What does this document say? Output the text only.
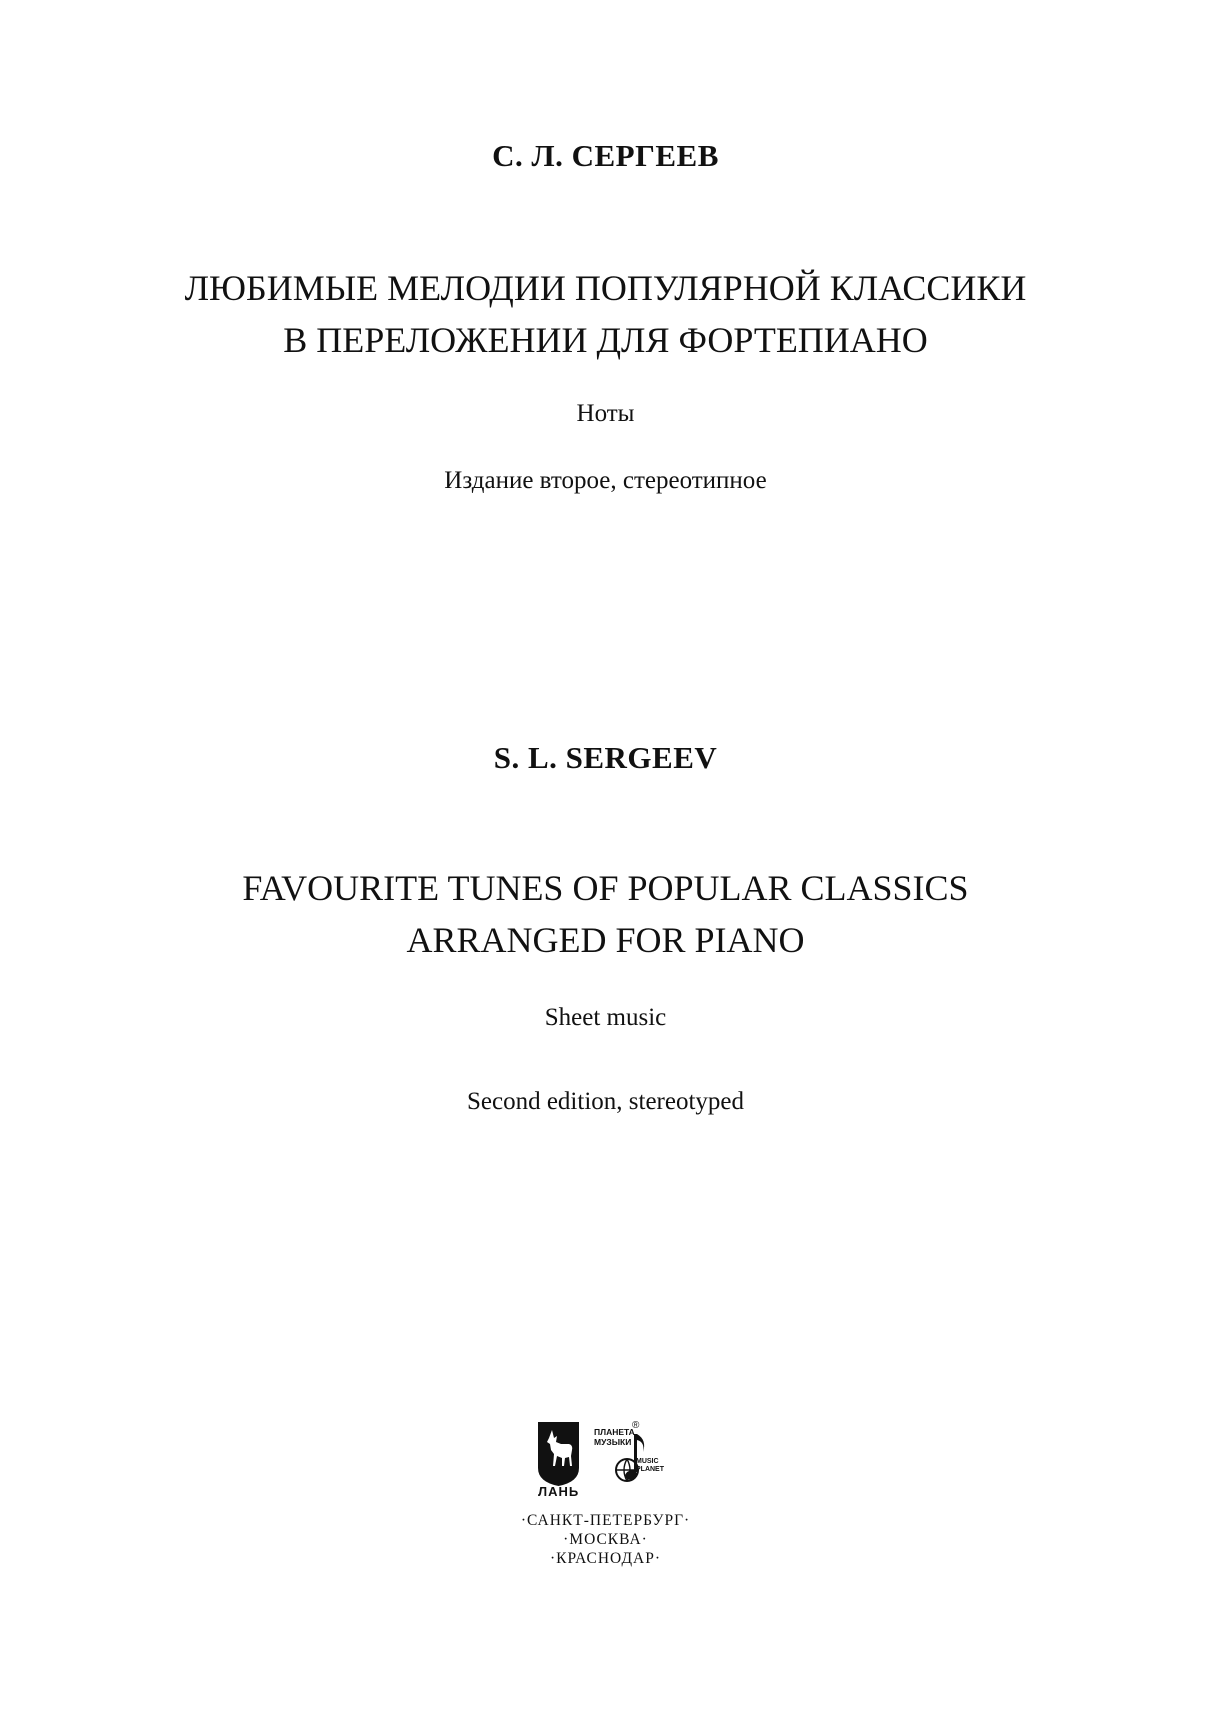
С. Л. СЕРГЕЕВ
ЛЮБИМЫЕ МЕЛОДИИ ПОПУЛЯРНОЙ КЛАССИКИ
В ПЕРЕЛОЖЕНИИ ДЛЯ ФОРТЕПИАНО
Ноты
Издание второе, стереотипное
S. L. SERGEEV
FAVOURITE TUNES OF POPULAR CLASSICS
ARRANGED FOR PIANO
Sheet music
Second edition, stereotyped
ЛАНЬ
ПЛАНЕТА
МУЗЫКИ
®
MUSIC
PLANET
·САНКТ-ПЕТЕРБУРГ·
·МОСКВА·
·КРАСНОДАР·
